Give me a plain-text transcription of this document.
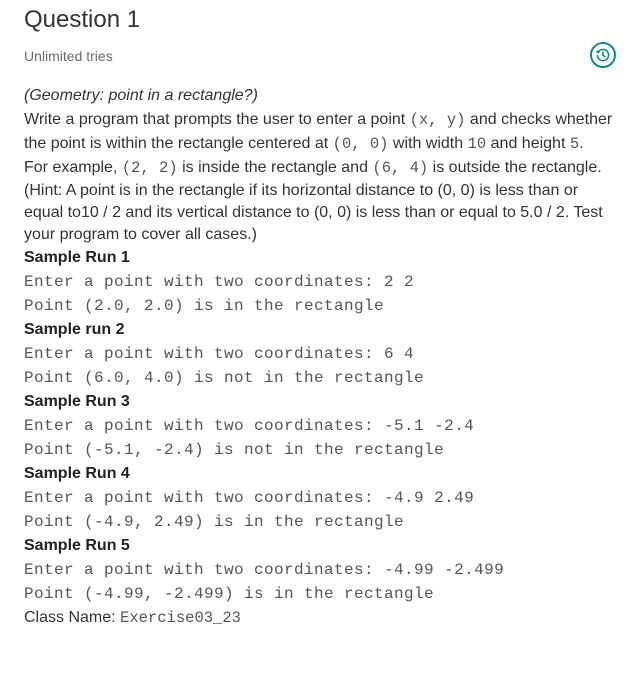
Question 1
Unlimited tries

(Geometry: point in a rectangle?)

Write a program that prompts the user to enter a point (x, y) and checks whether the point is within the rectangle centered at (0, 0) with width 10 and height 5.

For example, (2, 2) is inside the rectangle and (6, 4) is outside the rectangle.

(Hint: A point is in the rectangle if its horizontal distance to (0, 0) is less than or equal to10 / 2 and its vertical distance to (0, 0) is less than or equal to 5.0 / 2. Test your program to cover all cases.)

Sample Run 1
Enter a point with two coordinates: 2 2
Point (2.0, 2.0) is in the rectangle
Sample run 2
Enter a point with two coordinates: 6 4
Point (6.0, 4.0) is not in the rectangle
Sample Run 3
Enter a point with two coordinates: -5.1 -2.4
Point (-5.1, -2.4) is not in the rectangle
Sample Run 4
Enter a point with two coordinates: -4.9 2.49
Point (-4.9, 2.49) is in the rectangle
Sample Run 5
Enter a point with two coordinates: -4.99 -2.499
Point (-4.99, -2.499) is in the rectangle
Class Name: Exercise03_23
